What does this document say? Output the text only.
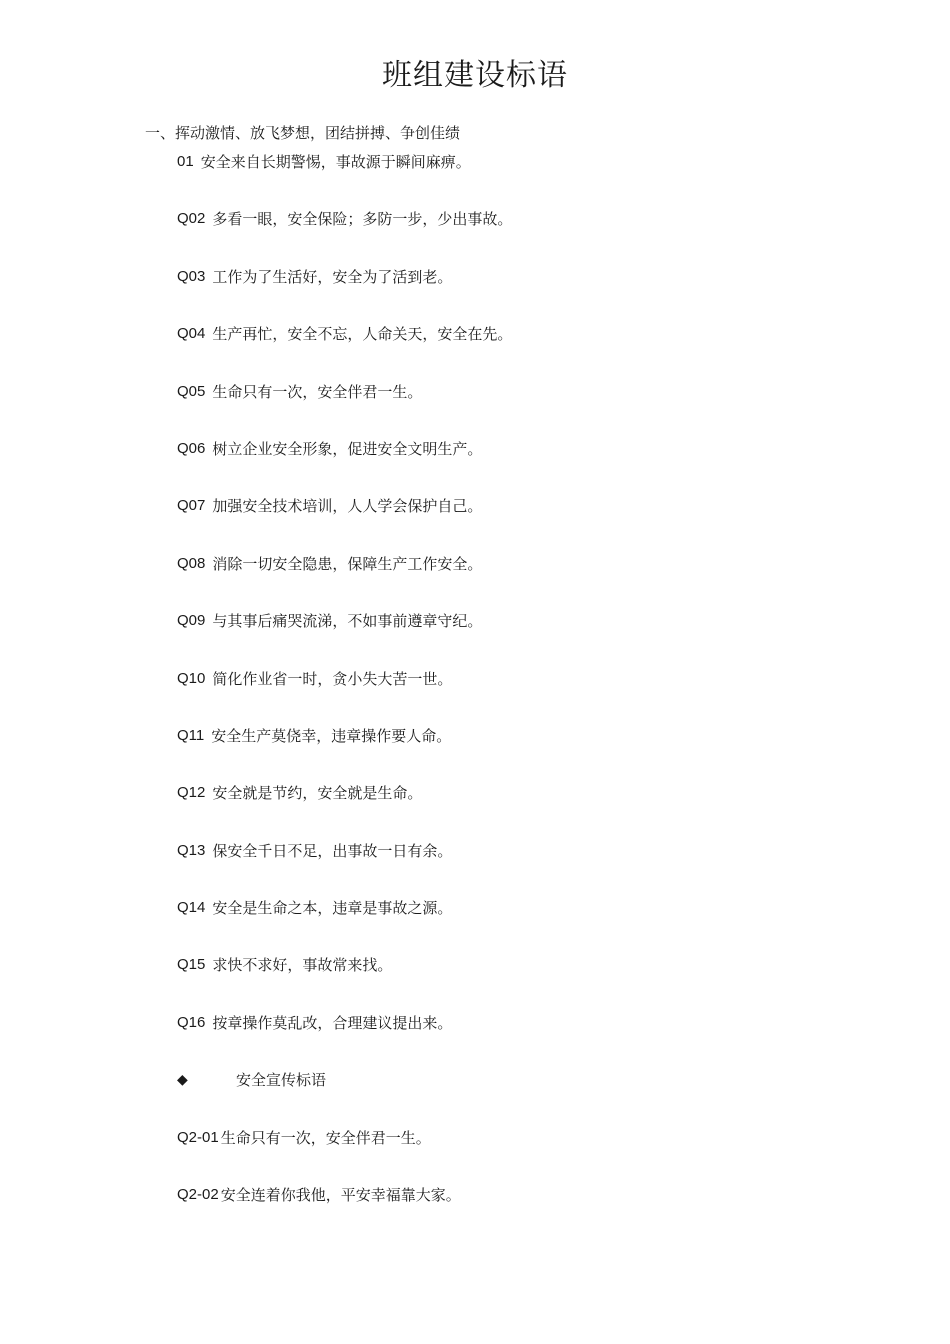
班组建设标语

一、挥动激情、放飞梦想，团结拼搏、争创佳绩

01 安全来自长期警惕，事故源于瞬间麻痹。
Q02 多看一眼，安全保险；多防一步，少出事故。
Q03 工作为了生活好，安全为了活到老。
Q04 生产再忙，安全不忘，人命关天，安全在先。
Q05 生命只有一次，安全伴君一生。
Q06 树立企业安全形象，促进安全文明生产。
Q07 加强安全技术培训，人人学会保护自己。
Q08 消除一切安全隐患，保障生产工作安全。
Q09 与其事后痛哭流涕，不如事前遵章守纪。
Q10 简化作业省一时，贪小失大苦一世。
Q11 安全生产莫侥幸，违章操作要人命。
Q12 安全就是节约，安全就是生命。
Q13 保安全千日不足，出事故一日有余。
Q14 安全是生命之本，违章是事故之源。
Q15 求快不求好，事故常来找。
Q16 按章操作莫乱改，合理建议提出来。
◆	安全宣传标语
Q2-01 生命只有一次，安全伴君一生。
Q2-02 安全连着你我他，平安幸福靠大家。
